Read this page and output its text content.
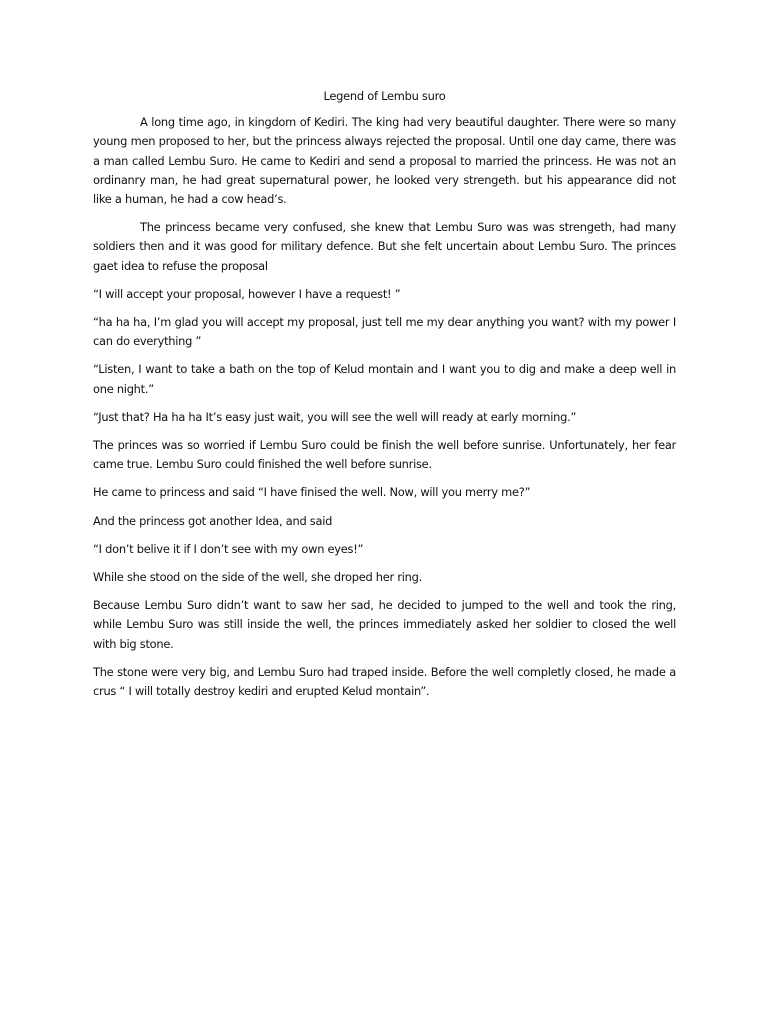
Legend of Lembu suro

A long time ago, in kingdom of Kediri. The king had very beautiful daughter. There were so many young men proposed to her, but the princess always rejected the proposal. Until one day came, there was a man called Lembu Suro. He came to Kediri and send a proposal to married the princess. He was not an ordinanry man, he had great supernatural power, he looked very strengeth. but his appearance did not like a human, he had a cow head’s.

The princess became very confused, she knew that Lembu Suro was was strengeth, had many soldiers then and it was good for military defence. But she felt uncertain about Lembu Suro. The princes gaet idea to refuse the proposal

“I will accept your proposal, however I have a request! ”

“ha ha ha, I’m glad you will accept my proposal, just tell me my dear anything you want? with my power I can do everything ”

“Listen, I want to take a bath on the top of Kelud montain and I want you to dig and make a deep well in one night.”

“Just that? Ha ha ha It’s easy just wait, you will see the well will ready at early morning.”

The princes was so worried if Lembu Suro could be finish the well before sunrise. Unfortunately, her fear came true. Lembu Suro could finished the well before sunrise.

He came to princess and said “I have finised the well. Now, will you merry me?”

And the princess got another Idea, and said

“I don’t belive it if I don’t see with my own eyes!”

While she stood on the side of the well, she droped her ring.

Because Lembu Suro didn’t want to saw her sad, he decided to jumped to the well and took the ring, while Lembu Suro was still inside the well, the princes immediately asked her soldier to closed the well with big stone.

The stone were very big, and Lembu Suro had traped inside. Before the well completly closed, he made a crus “ I will totally destroy kediri and erupted Kelud montain”.
